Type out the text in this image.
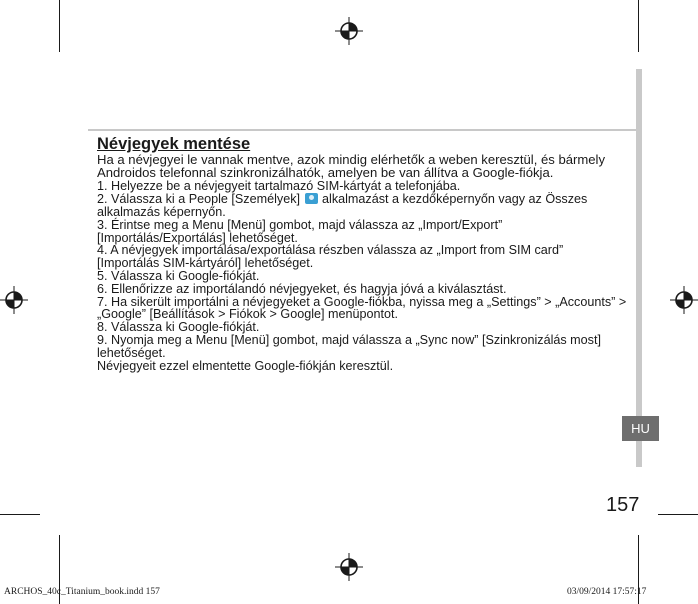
HU

Névjegyek mentése

Ha a névjegyei le vannak mentve, azok mindig elérhetők a weben keresztül, és bármely Androidos telefonnal szinkronizálhatók, amelyen be van állítva a Google-fiókja.

1. Helyezze be a névjegyeit tartalmazó SIM-kártyát a telefonjába.

2. Válassza ki a People [Személyek] alkalmazást a kezdőképernyőn vagy az Összes alkalmazás képernyőn.

3. Érintse meg a Menu [Menü] gombot, majd válassza az „Import/Export” [Importálás/Exportálás] lehetőséget.

4. A névjegyek importálása/exportálása részben válassza az „Import from SIM card” [Importálás SIM-kártyáról] lehetőséget.

5. Válassza ki Google-fiókját.

6. Ellenőrizze az importálandó névjegyeket, és hagyja jóvá a kiválasztást.

7. Ha sikerült importálni a névjegyeket a Google-fiókba, nyissa meg a „Settings” > „Accounts” > „Google” [Beállítások > Fiókok > Google] menüpontot.

8. Válassza ki Google-fiókját.

9. Nyomja meg a Menu [Menü] gombot, majd válassza a „Sync now” [Szinkronizálás most] lehetőséget.

Névjegyeit ezzel elmentette Google-fiókján keresztül.

157
ARCHOS_40c_Titanium_book.indd 157	03/09/2014 17:57:17
